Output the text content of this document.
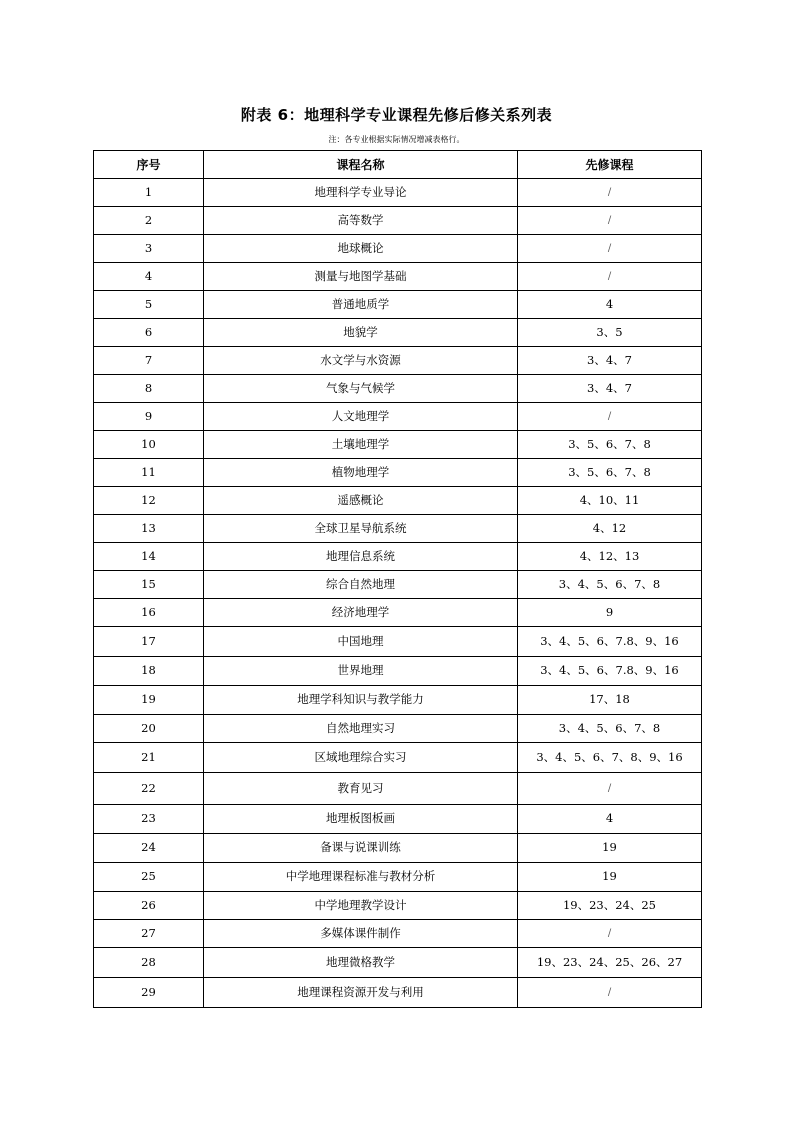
附表 6：地理科学专业课程先修后修关系列表
注：各专业根据实际情况增减表格行。
序号	课程名称	先修课程
1	地理科学专业导论	/
2	高等数学	/
3	地球概论	/
4	测量与地图学基础	/
5	普通地质学	4
6	地貌学	3、5
7	水文学与水资源	3、4、7
8	气象与气候学	3、4、7
9	人文地理学	/
10	土壤地理学	3、5、6、7、8
11	植物地理学	3、5、6、7、8
12	遥感概论	4、10、11
13	全球卫星导航系统	4、12
14	地理信息系统	4、12、13
15	综合自然地理	3、4、5、6、7、8
16	经济地理学	9
17	中国地理	3、4、5、6、7.8、9、16
18	世界地理	3、4、5、6、7.8、9、16
19	地理学科知识与教学能力	17、18
20	自然地理实习	3、4、5、6、7、8
21	区域地理综合实习	3、4、5、6、7、8、9、16
22	教育见习	/
23	地理板图板画	4
24	备课与说课训练	19
25	中学地理课程标准与教材分析	19
26	中学地理教学设计	19、23、24、25
27	多媒体课件制作	/
28	地理微格教学	19、23、24、25、26、27
29	地理课程资源开发与利用	/
